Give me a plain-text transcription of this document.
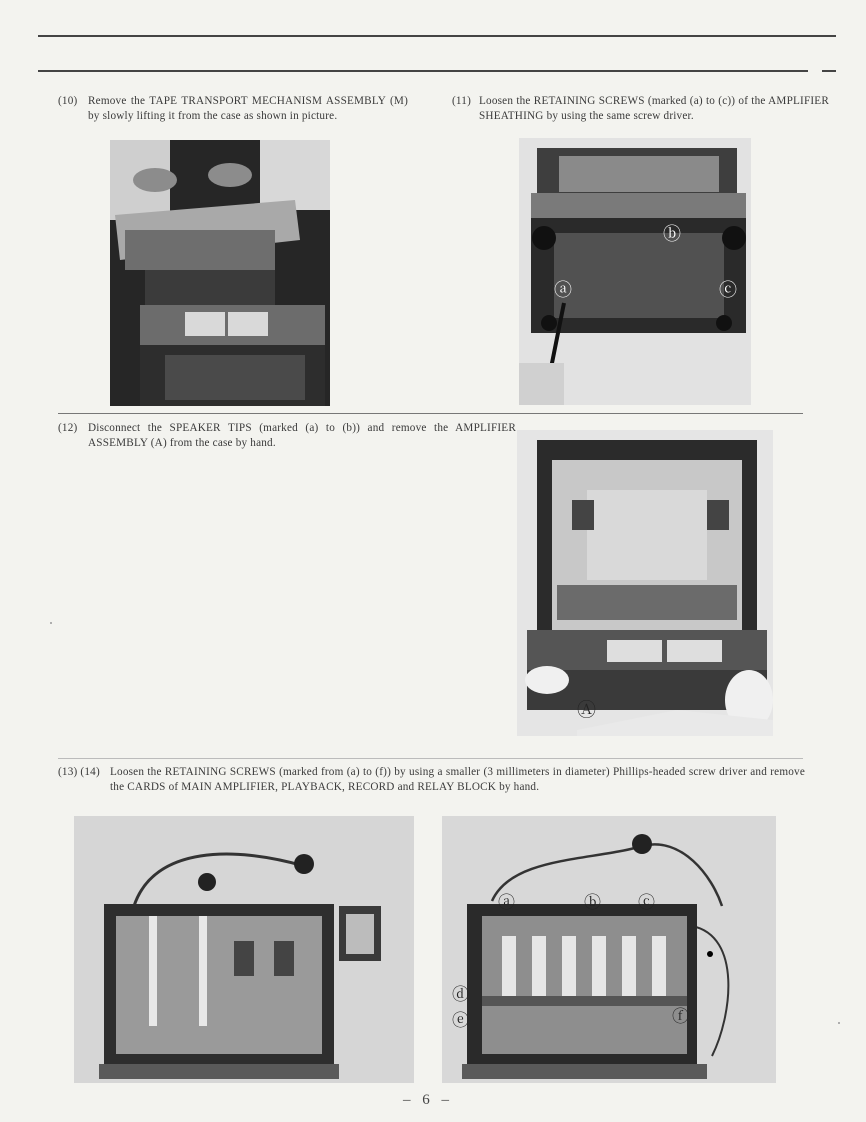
(10) Remove the TAPE TRANSPORT MECHANISM ASSEMBLY (M) by slowly lifting it from the case as shown in picture.
(11) Loosen the RETAINING SCREWS (marked (a) to (c)) of the AMPLIFIER SHEATHING by using the same screw driver.
ⓐ
ⓑ
ⓒ
(12) Disconnect the SPEAKER TIPS (marked (a) to (b)) and remove the AMPLIFIER ASSEMBLY (A) from the case by hand.
Ⓐ
(13) (14) Loosen the RETAINING SCREWS (marked from (a) to (f)) by using a smaller (3 millimeters in diameter) Phillips-headed screw driver and remove the CARDS of MAIN AMPLIFIER, PLAYBACK, RECORD and RELAY BLOCK by hand.
ⓐ	ⓑ ⓒ
ⓓ
ⓔ	ⓕ
– 6 –
